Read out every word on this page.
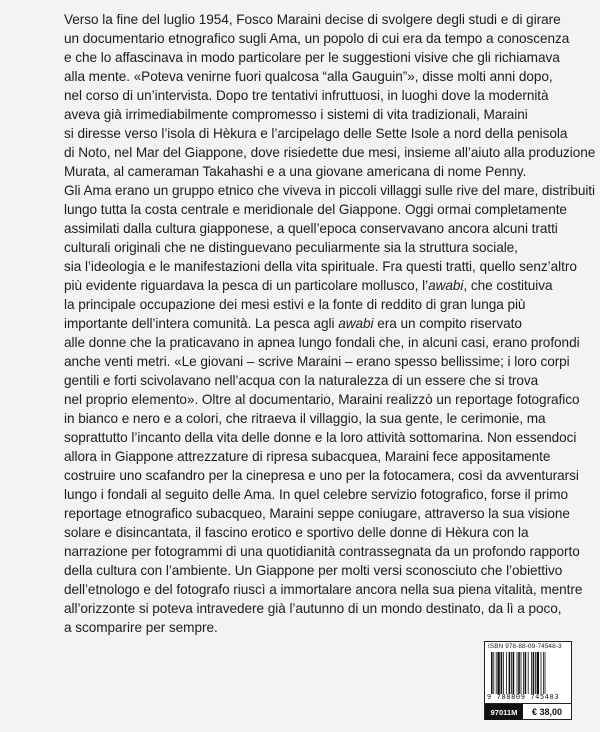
Verso la fine del luglio 1954, Fosco Maraini decise di svolgere degli studi e di girare
un documentario etnografico sugli Ama, un popolo di cui era da tempo a conoscenza
e che lo affascinava in modo particolare per le suggestioni visive che gli richiamava
alla mente. «Poteva venirne fuori qualcosa “alla Gauguin”», disse molti anni dopo,
nel corso di un’intervista. Dopo tre tentativi infruttuosi, in luoghi dove la modernità
aveva già irrimediabilmente compromesso i sistemi di vita tradizionali, Maraini
si diresse verso l’isola di Hèkura e l’arcipelago delle Sette Isole a nord della penisola
di Noto, nel Mar del Giappone, dove risiedette due mesi, insieme all’aiuto alla produzione
Murata, al cameraman Takahashi e a una giovane americana di nome Penny.
Gli Ama erano un gruppo etnico che viveva in piccoli villaggi sulle rive del mare, distribuiti
lungo tutta la costa centrale e meridionale del Giappone. Oggi ormai completamente
assimilati dalla cultura giapponese, a quell’epoca conservavano ancora alcuni tratti
culturali originali che ne distinguevano peculiarmente sia la struttura sociale,
sia l’ideologia e le manifestazioni della vita spirituale. Fra questi tratti, quello senz’altro
più evidente riguardava la pesca di un particolare mollusco, l’awabi, che costituiva
la principale occupazione dei mesi estivi e la fonte di reddito di gran lunga più
importante dell’intera comunità. La pesca agli awabi era un compito riservato
alle donne che la praticavano in apnea lungo fondali che, in alcuni casi, erano profondi
anche venti metri. «Le giovani – scrive Maraini – erano spesso bellissime; i loro corpi
gentili e forti scivolavano nell’acqua con la naturalezza di un essere che si trova
nel proprio elemento». Oltre al documentario, Maraini realizzò un reportage fotografico
in bianco e nero e a colori, che ritraeva il villaggio, la sua gente, le cerimonie, ma
soprattutto l’incanto della vita delle donne e la loro attività sottomarina. Non essendoci
allora in Giappone attrezzature di ripresa subacquea, Maraini fece appositamente
costruire uno scafandro per la cinepresa e uno per la fotocamera, così da avventurarsi
lungo i fondali al seguito delle Ama. In quel celebre servizio fotografico, forse il primo
reportage etnografico subacqueo, Maraini seppe coniugare, attraverso la sua visione
solare e disincantata, il fascino erotico e sportivo delle donne di Hèkura con la
narrazione per fotogrammi di una quotidianità contrassegnata da un profondo rapporto
della cultura con l’ambiente. Un Giappone per molti versi sconosciuto che l’obiettivo
dell’etnologo e del fotografo riuscì a immortalare ancora nella sua piena vitalità, mentre
all’orizzonte si poteva intravedere già l’autunno di un mondo destinato, da lì a poco,
a scomparire per sempre.
ISBN 978-88-09-74548-3
9 788809 745483
97011M	€ 38,00
